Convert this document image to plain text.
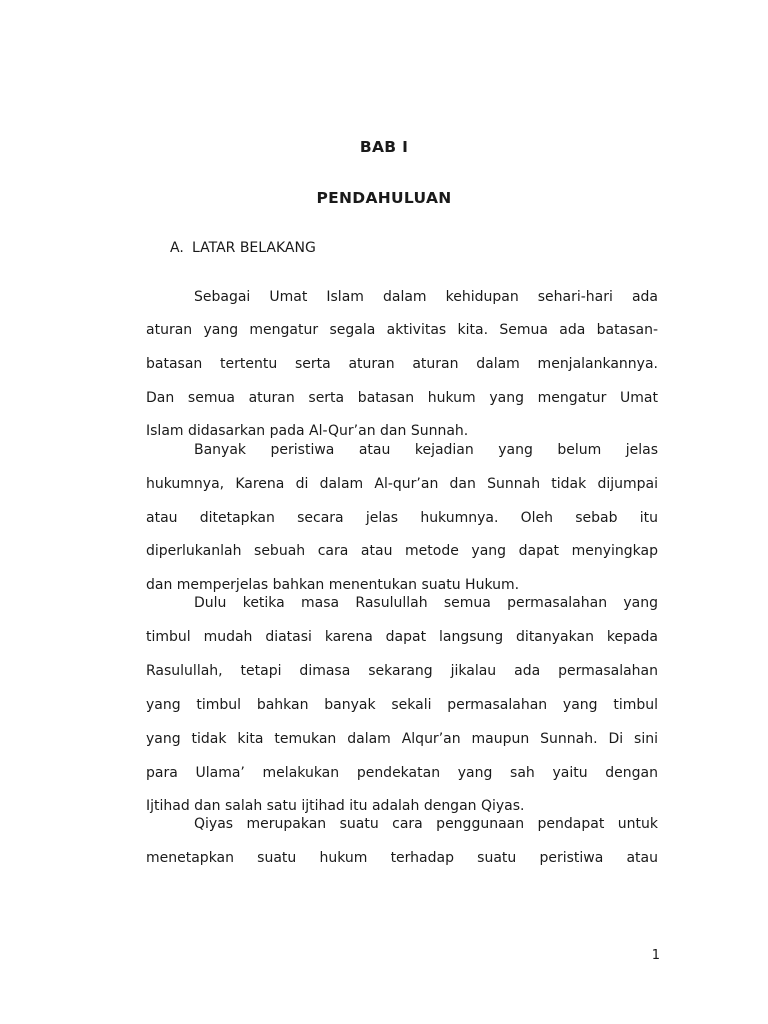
BAB I
PENDAHULUAN
A. LATAR BELAKANG
Sebagai Umat Islam dalam kehidupan sehari-hari ada
aturan yang mengatur segala aktivitas kita. Semua ada batasan-
batasan tertentu serta aturan aturan dalam menjalankannya.
Dan semua aturan serta batasan hukum yang mengatur Umat
Islam didasarkan pada Al-Qur’an dan Sunnah.
Banyak peristiwa atau kejadian yang belum jelas
hukumnya, Karena di dalam Al-qur’an dan Sunnah tidak dijumpai
atau ditetapkan secara jelas hukumnya. Oleh sebab itu
diperlukanlah sebuah cara atau metode yang dapat menyingkap
dan memperjelas bahkan menentukan suatu Hukum.
Dulu ketika masa Rasulullah semua permasalahan yang
timbul mudah diatasi karena dapat langsung ditanyakan kepada
Rasulullah, tetapi dimasa sekarang jikalau ada permasalahan
yang timbul bahkan banyak sekali permasalahan yang timbul
yang tidak kita temukan dalam Alqur’an maupun Sunnah. Di sini
para Ulama’ melakukan pendekatan yang sah yaitu dengan
Ijtihad dan salah satu ijtihad itu adalah dengan Qiyas.
Qiyas merupakan suatu cara penggunaan pendapat untuk
menetapkan suatu hukum terhadap suatu peristiwa atau
1
